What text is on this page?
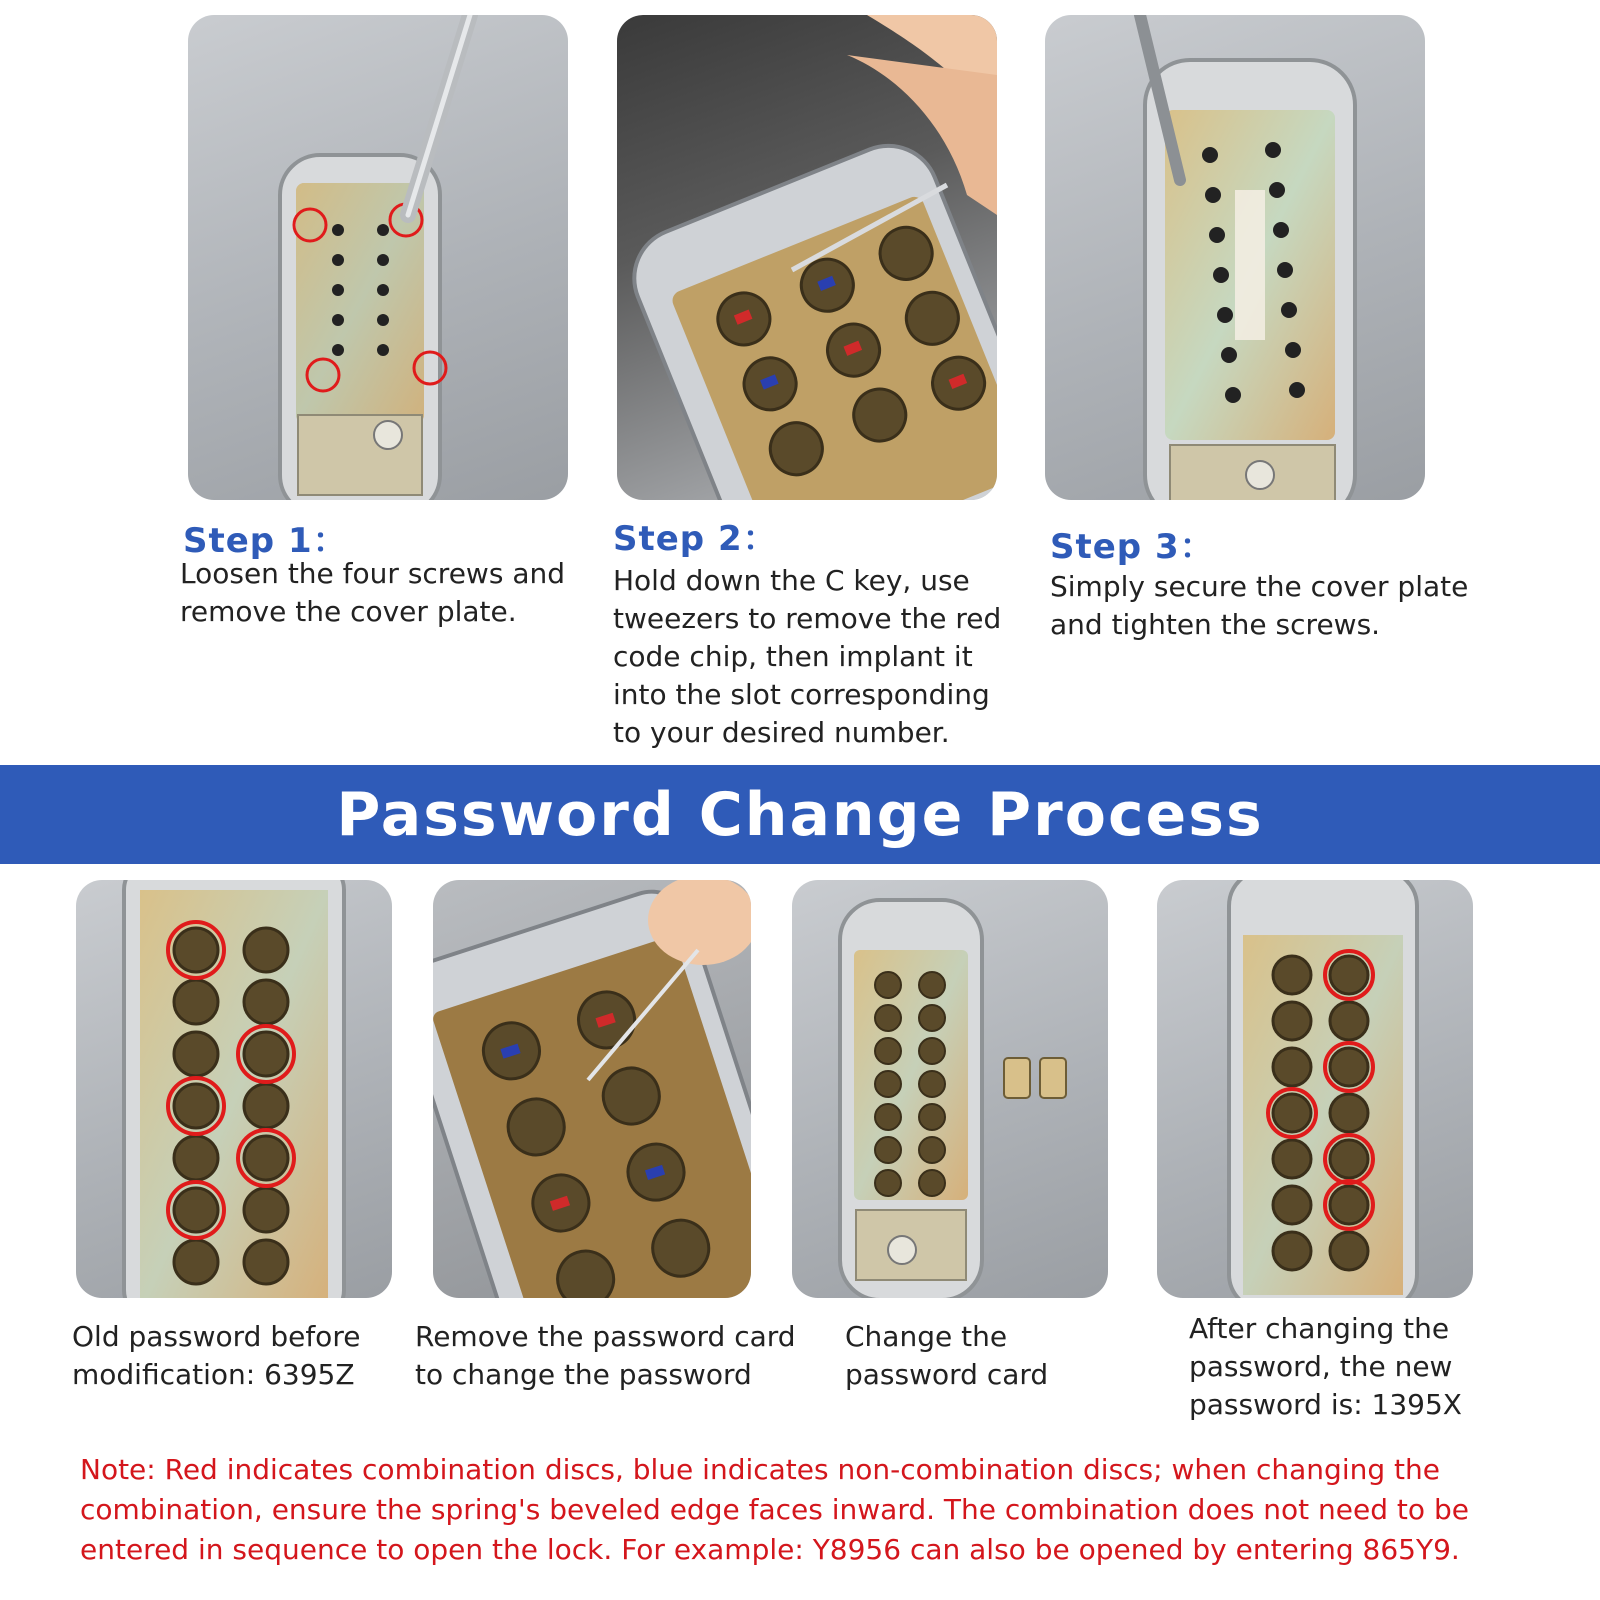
Step 1：
Loosen the four screws and remove the cover plate.
Step 2：
Hold down the C key, use tweezers to remove the red code chip, then implant it into the slot corresponding to your desired number.
Step 3：
Simply secure the cover plate and tighten the screws.
Password Change Process
Old password before modification: 6395Z
Remove the password card to change the password
Change the password card
After changing the password, the new password is: 1395X
Note: Red indicates combination discs, blue indicates non-combination discs; when changing the combination, ensure the spring's beveled edge faces inward. The combination does not need to be entered in sequence to open the lock. For example: Y8956 can also be opened by entering 865Y9.
